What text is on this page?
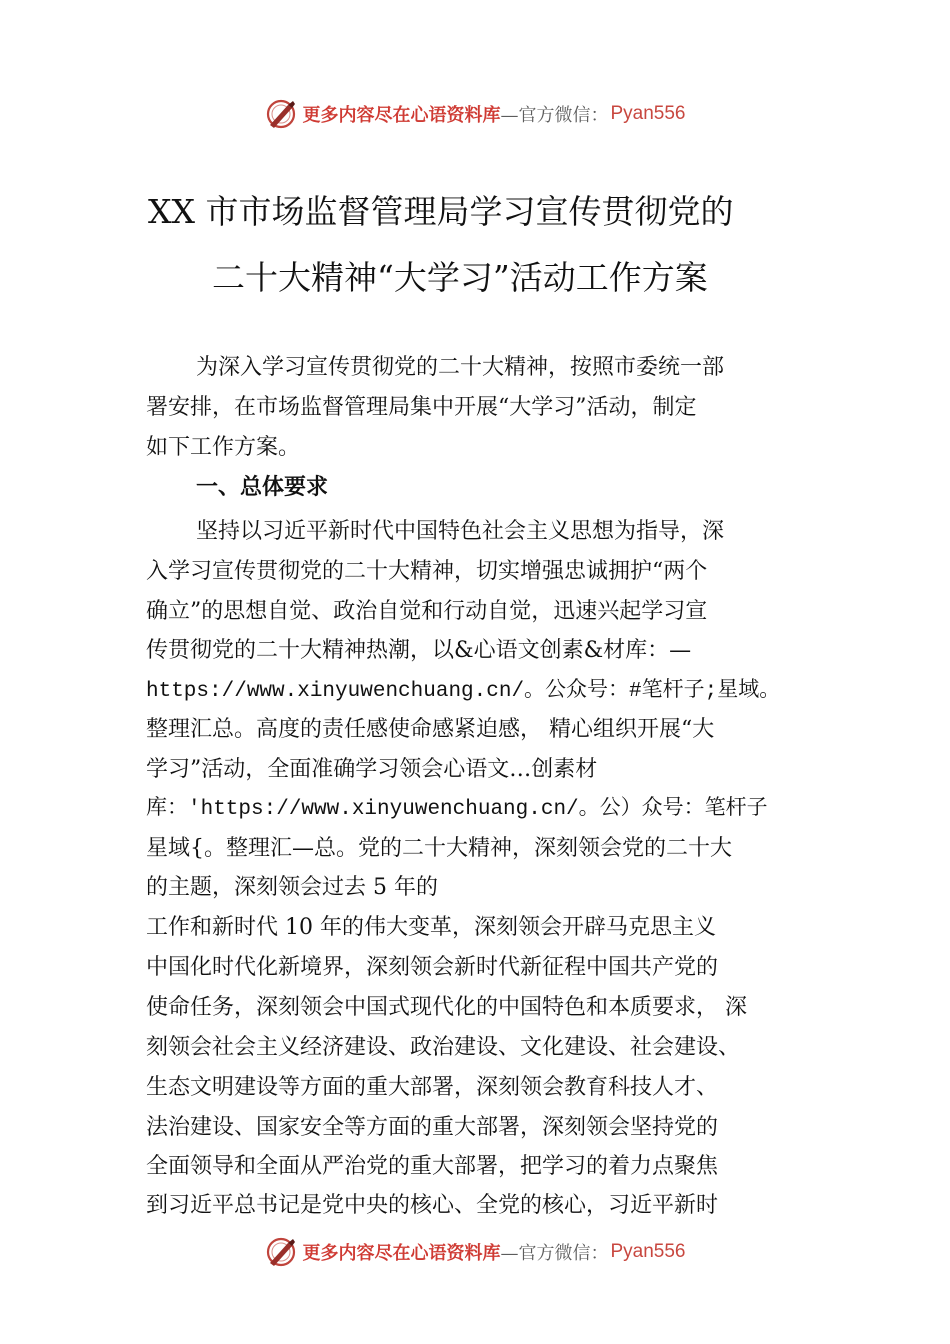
更多内容尽在心语资料库 —官方微信： Pyan556
XX 市市场监督管理局学习宣传贯彻党的
二十大精神“大学习”活动工作方案
为深入学习宣传贯彻党的二十大精神，按照市委统一部
署安排，在市场监督管理局集中开展“大学习”活动，制定
如下工作方案。
一、总体要求
坚持以习近平新时代中国特色社会主义思想为指导，深
入学习宣传贯彻党的二十大精神，切实增强忠诚拥护“两个
确立”的思想自觉、政治自觉和行动自觉，迅速兴起学习宣
传贯彻党的二十大精神热潮，以&心语文创素&材库：—
https://www.xinyuwenchuang.cn/。公众号：#笔杆子;星域。
整理汇总。高度的责任感使命感紧迫感， 精心组织开展“大
学习”活动，全面准确学习领会心语文…创素材
库：'https://www.xinyuwenchuang.cn/。公）众号：笔杆子
星域{。整理汇—总。党的二十大精神，深刻领会党的二十大
的主题，深刻领会过去 5 年的
工作和新时代 10 年的伟大变革，深刻领会开辟马克思主义
中国化时代化新境界，深刻领会新时代新征程中国共产党的
使命任务，深刻领会中国式现代化的中国特色和本质要求， 深
刻领会社会主义经济建设、政治建设、文化建设、社会建设、
生态文明建设等方面的重大部署，深刻领会教育科技人才、
法治建设、国家安全等方面的重大部署，深刻领会坚持党的
全面领导和全面从严治党的重大部署，把学习的着力点聚焦
到习近平总书记是党中央的核心、全党的核心，习近平新时
更多内容尽在心语资料库 —官方微信： Pyan556
